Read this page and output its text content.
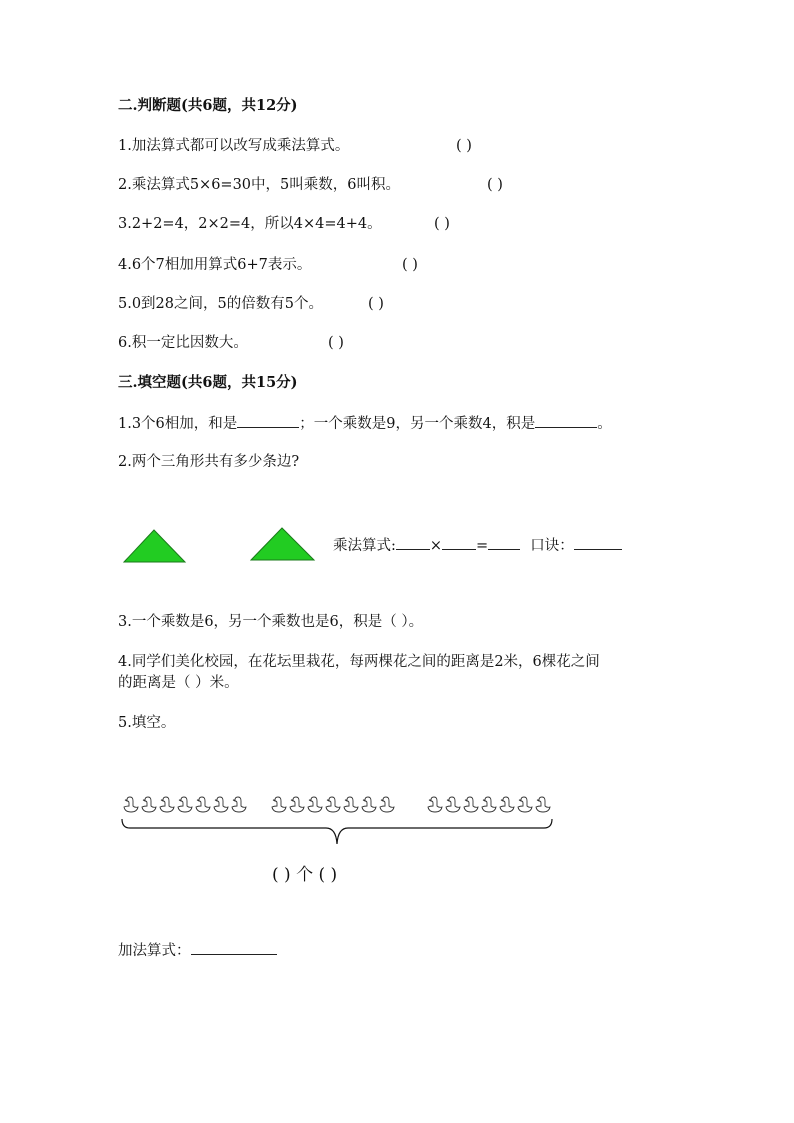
二.判断题(共6题，共12分)
1.加法算式都可以改写成乘法算式。	( )
2.乘法算式5×6=30中，5叫乘数，6叫积。	( )
3.2+2=4，2×2=4，所以4×4=4+4。	( )
4.6个7相加用算式6+7表示。	( )
5.0到28之间，5的倍数有5个。	( )
6.积一定比因数大。	( )
三.填空题(共6题，共15分)
1.3个6相加，和是	；一个乘数是9，另一个乘数4，积是	。
2.两个三角形共有多少条边?
乘法算式: × =	口诀：
3.一个乘数是6，另一个乘数也是6，积是（ ）。
4.同学们美化校园，在花坛里栽花，每两棵花之间的距离是2米，6棵花之间
的距离是（ ）米。
5.填空。
( ) 个 ( )
加法算式：
